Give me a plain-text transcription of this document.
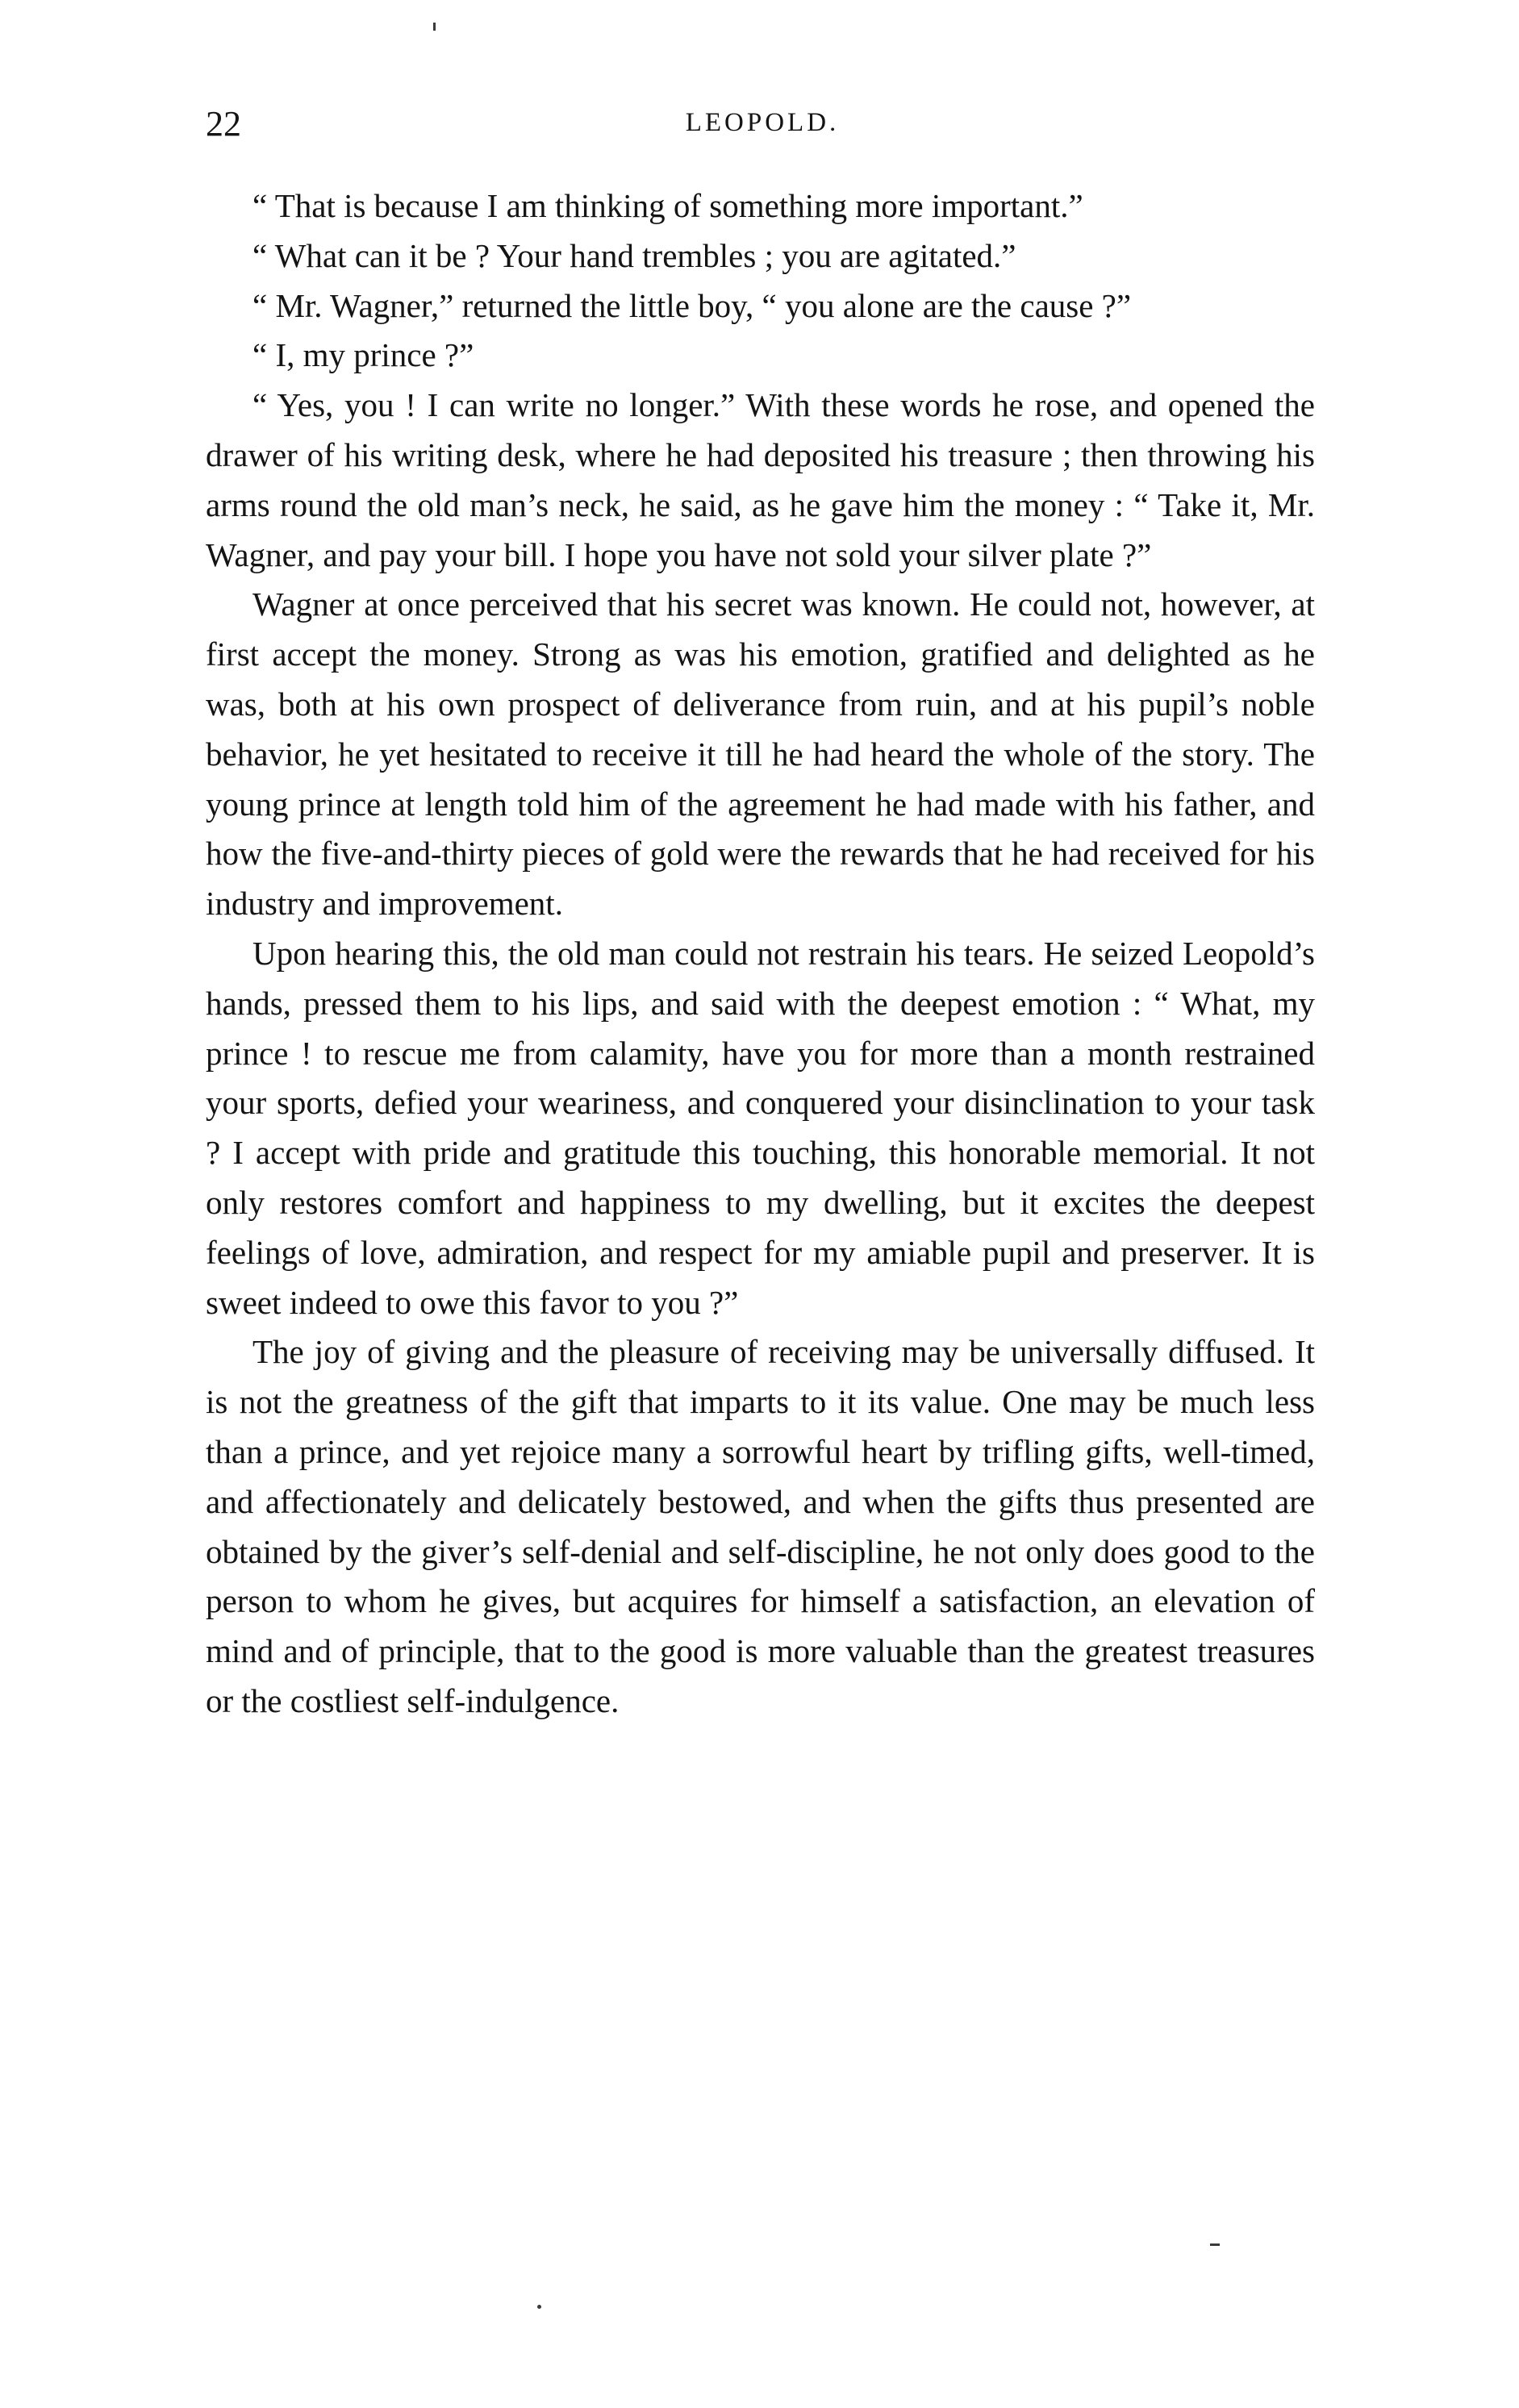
22	LEOPOLD.

“ That is because I am thinking of something more important.”

“ What can it be ? Your hand trembles ; you are agitated.”

“ Mr. Wagner,” returned the little boy, “ you alone are the cause ?”

“ I, my prince ?”

“ Yes, you ! I can write no longer.” With these words he rose, and opened the drawer of his writing desk, where he had deposited his treasure ; then throwing his arms round the old man’s neck, he said, as he gave him the money : “ Take it, Mr. Wagner, and pay your bill. I hope you have not sold your silver plate ?”

Wagner at once perceived that his secret was known. He could not, however, at first accept the money. Strong as was his emotion, gratified and delighted as he was, both at his own prospect of deliverance from ruin, and at his pupil’s noble behavior, he yet hesitated to receive it till he had heard the whole of the story. The young prince at length told him of the agreement he had made with his father, and how the five-and-thirty pieces of gold were the rewards that he had received for his industry and improvement.

Upon hearing this, the old man could not restrain his tears. He seized Leopold’s hands, pressed them to his lips, and said with the deepest emotion : “ What, my prince ! to rescue me from calamity, have you for more than a month restrained your sports, defied your weariness, and conquered your disinclination to your task ? I accept with pride and gratitude this touching, this honorable memorial. It not only restores comfort and happiness to my dwelling, but it excites the deepest feelings of love, admiration, and respect for my amiable pupil and preserver. It is sweet indeed to owe this favor to you ?”

The joy of giving and the pleasure of receiving may be universally diffused. It is not the greatness of the gift that imparts to it its value. One may be much less than a prince, and yet rejoice many a sorrowful heart by trifling gifts, well-timed, and affectionately and delicately bestowed, and when the gifts thus presented are obtained by the giver’s self-denial and self-discipline, he not only does good to the person to whom he gives, but acquires for himself a satisfaction, an elevation of mind and of principle, that to the good is more valuable than the greatest treasures or the costliest self-indulgence.
